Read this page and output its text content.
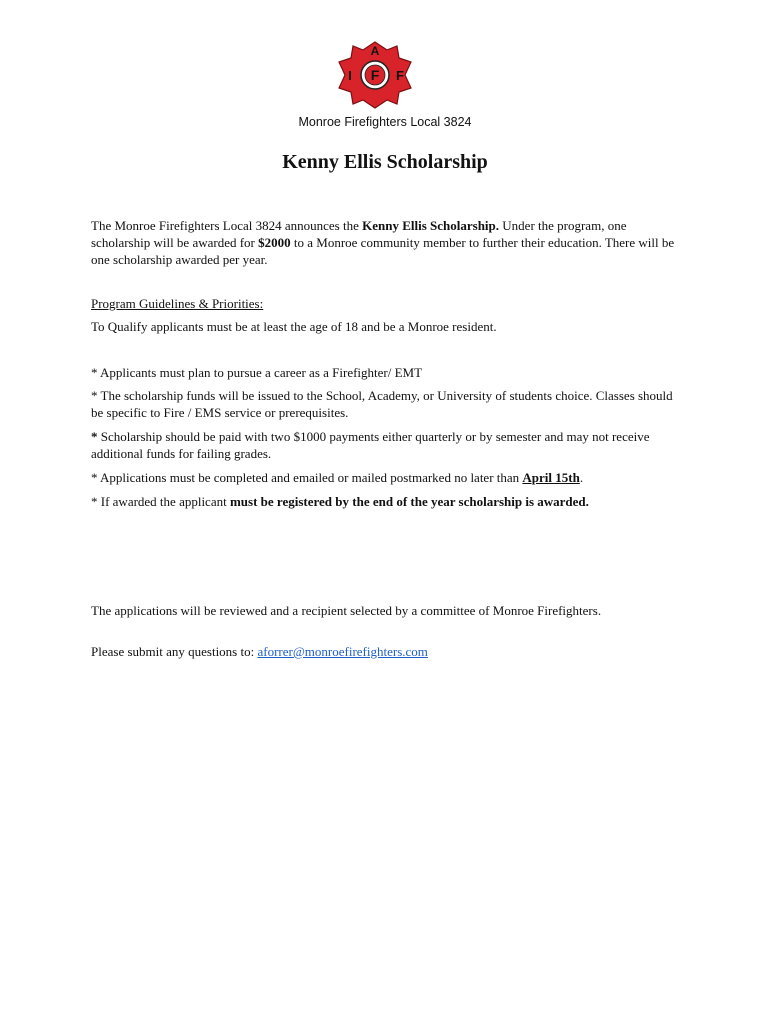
A
I F F
Monroe Firefighters Local 3824
Kenny Ellis Scholarship
The Monroe Firefighters Local 3824 announces the Kenny Ellis Scholarship. Under the program, one scholarship will be awarded for $2000 to a Monroe community member to further their education. There will be one scholarship awarded per year.
Program Guidelines & Priorities:
To Qualify applicants must be at least the age of 18 and be a Monroe resident.
* Applicants must plan to pursue a career as a Firefighter/ EMT
* The scholarship funds will be issued to the School, Academy, or University of students choice. Classes should be specific to Fire / EMS service or prerequisites.
* Scholarship should be paid with two $1000 payments either quarterly or by semester and may not receive additional funds for failing grades.
* Applications must be completed and emailed or mailed postmarked no later than April 15th.
* If awarded the applicant must be registered by the end of the year scholarship is awarded.
The applications will be reviewed and a recipient selected by a committee of Monroe Firefighters.
Please submit any questions to: aforrer@monroefirefighters.com
